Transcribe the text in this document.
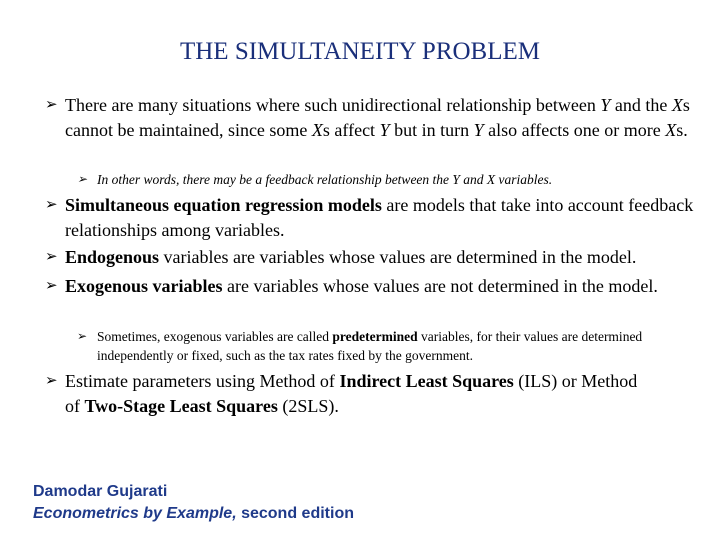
THE SIMULTANEITY PROBLEM
➢ There are many situations where such unidirectional relationship between Y and the Xs cannot be maintained, since some Xs affect Y but in turn Y also affects one or more Xs.
➢ In other words, there may be a feedback relationship between the Y and X variables.
➢ Simultaneous equation regression models are models that take into account feedback relationships among variables.
➢ Endogenous variables are variables whose values are determined in the model.
➢ Exogenous variables are variables whose values are not determined in the model.
➢ Sometimes, exogenous variables are called predetermined variables, for their values are determined independently or fixed, such as the tax rates fixed by the government.
➢ Estimate parameters using Method of Indirect Least Squares (ILS) or Method of Two-Stage Least Squares (2SLS).
Damodar Gujarati
Econometrics by Example, second edition
